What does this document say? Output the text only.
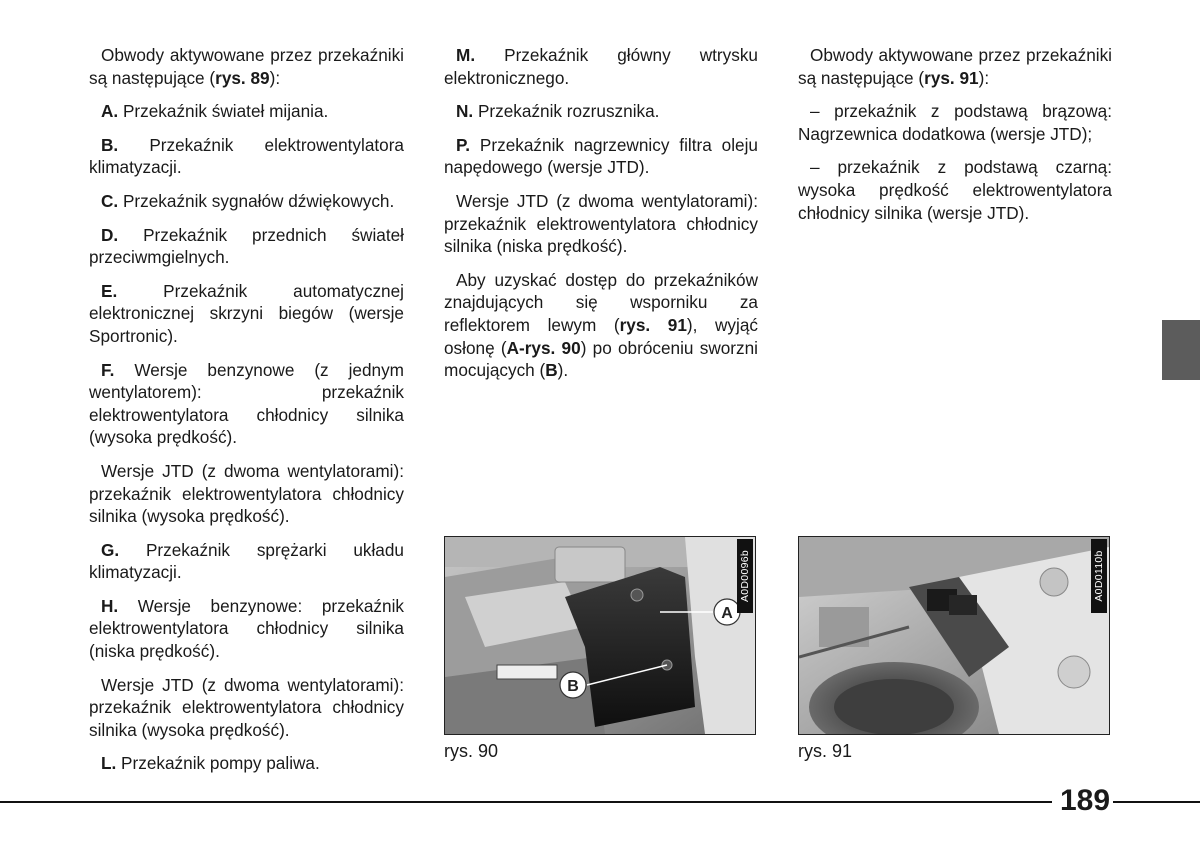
Obwody aktywowane przez przekaźniki są następujące (rys. 89):

A. Przekaźnik świateł mijania.

B. Przekaźnik elektrowentylatora klimatyzacji.

C. Przekaźnik sygnałów dźwiękowych.

D. Przekaźnik przednich świateł przeciwmgielnych.

E. Przekaźnik automatycznej elektronicznej skrzyni biegów (wersje Sportronic).

F. Wersje benzynowe (z jednym wentylatorem): przekaźnik elektrowentylatora chłodnicy silnika (wysoka prędkość).

Wersje JTD (z dwoma wentylatorami): przekaźnik elektrowentylatora chłodnicy silnika (wysoka prędkość).

G. Przekaźnik sprężarki układu klimatyzacji.

H. Wersje benzynowe: przekaźnik elektrowentylatora chłodnicy silnika (niska prędkość).

Wersje JTD (z dwoma wentylatorami): przekaźnik elektrowentylatora chłodnicy silnika (wysoka prędkość).

L. Przekaźnik pompy paliwa.

M. Przekaźnik główny wtrysku elektronicznego.

N. Przekaźnik rozrusznika.

P. Przekaźnik nagrzewnicy filtra oleju napędowego (wersje JTD).

Wersje JTD (z dwoma wentylatorami): przekaźnik elektrowentylatora chłodnicy silnika (niska prędkość).

Aby uzyskać dostęp do przekaźników znajdujących się wsporniku za reflektorem lewym (rys. 91), wyjąć osłonę (A-rys. 90) po obróceniu sworzni mocujących (B).

Obwody aktywowane przez przekaźniki są następujące (rys. 91):

– przekaźnik z podstawą brązową: Nagrzewnica dodatkowa (wersje JTD);

– przekaźnik z podstawą czarną: wysoka prędkość elektrowentylatora chłodnicy silnika (wersje JTD).

A
B
A0D0096b
rys. 90
A0D0110b
rys. 91
189
